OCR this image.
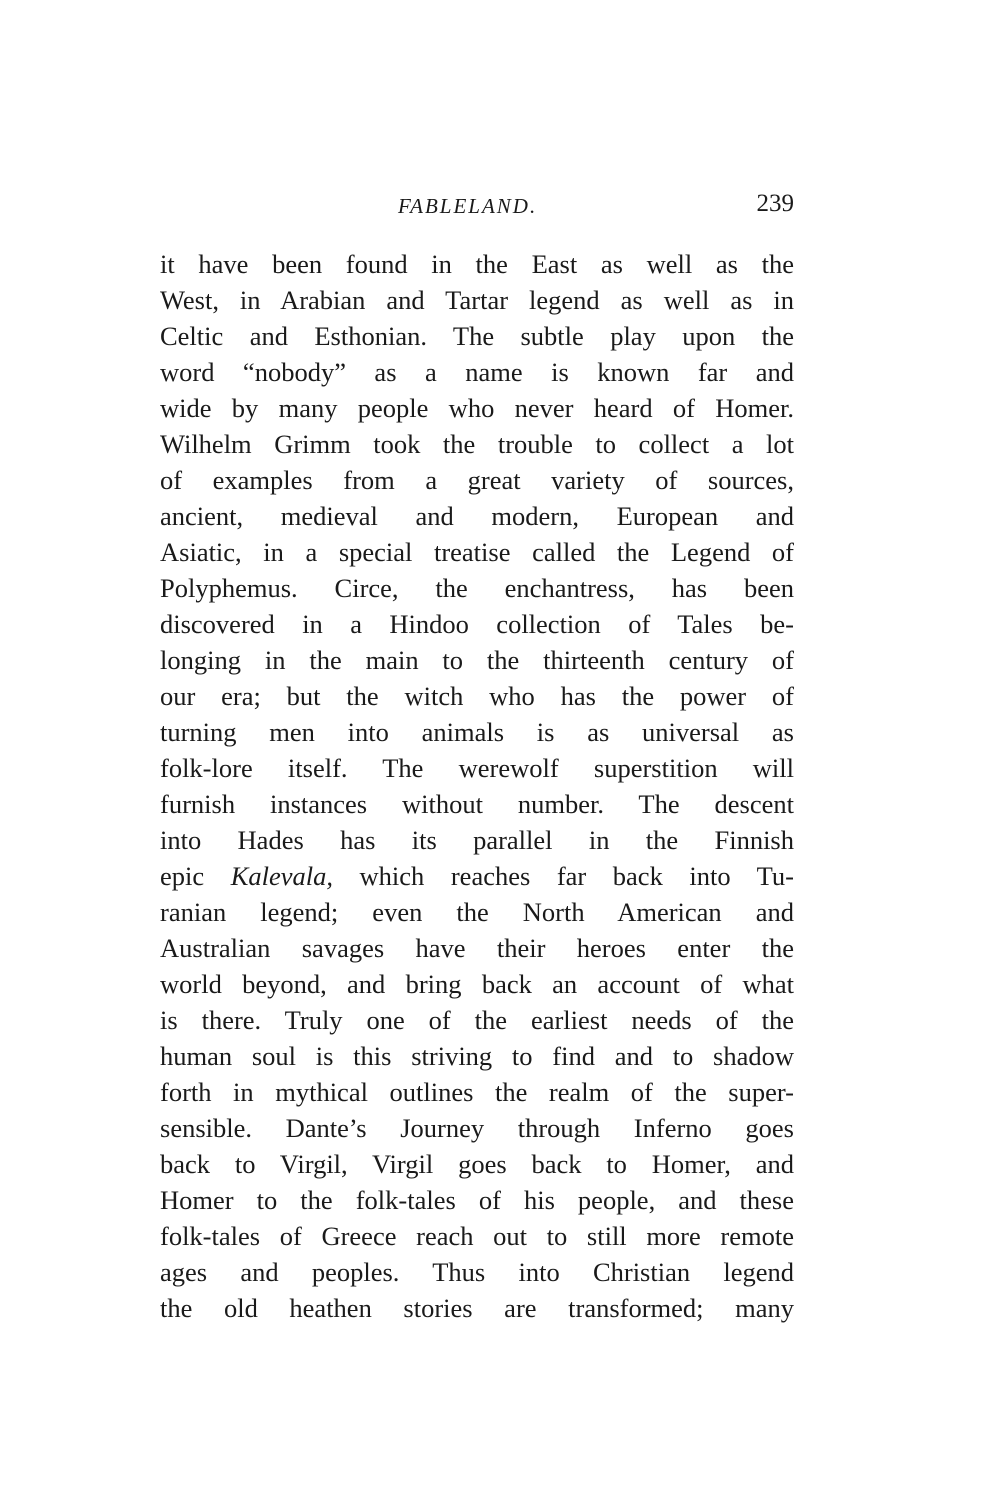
FABLELAND.	239
it have been found in the East as well as the
West, in Arabian and Tartar legend as well as in
Celtic and Esthonian. The subtle play upon the
word “nobody” as a name is known far and
wide by many people who never heard of Homer.
Wilhelm Grimm took the trouble to collect a lot
of examples from a great variety of sources,
ancient, medieval and modern, European and
Asiatic, in a special treatise called the Legend of
Polyphemus. Circe, the enchantress, has been
discovered in a Hindoo collection of Tales be-
longing in the main to the thirteenth century of
our era; but the witch who has the power of
turning men into animals is as universal as
folk-lore itself. The werewolf superstition will
furnish instances without number. The descent
into Hades has its parallel in the Finnish
epic Kalevala, which reaches far back into Tu-
ranian legend; even the North American and
Australian savages have their heroes enter the
world beyond, and bring back an account of what
is there. Truly one of the earliest needs of the
human soul is this striving to find and to shadow
forth in mythical outlines the realm of the super-
sensible. Dante’s Journey through Inferno goes
back to Virgil, Virgil goes back to Homer, and
Homer to the folk-tales of his people, and these
folk-tales of Greece reach out to still more remote
ages and peoples. Thus into Christian legend
the old heathen stories are transformed; many
